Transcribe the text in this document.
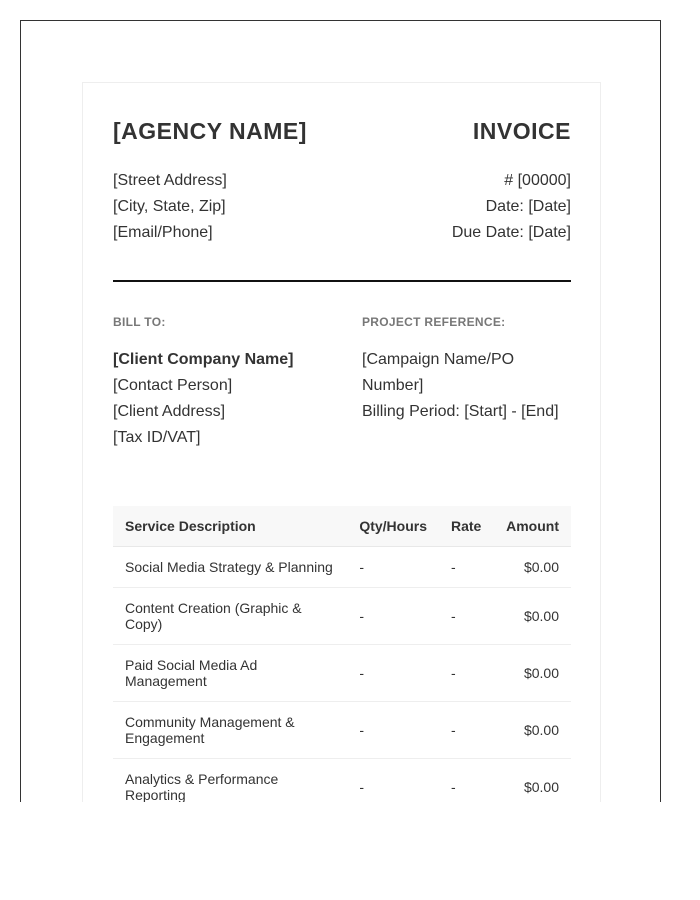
[AGENCY NAME]	INVOICE
[Street Address]
[City, State, Zip]
[Email/Phone]
# [00000]
Date: [Date]
Due Date: [Date]
BILL TO:	PROJECT REFERENCE:
[Client Company Name]
[Contact Person]
[Client Address]
[Tax ID/VAT]
[Campaign Name/PO Number]
Billing Period: [Start] - [End]
Service Description	Qty/Hours	Rate	Amount
Social Media Strategy & Planning	-	-	$0.00
Content Creation (Graphic & Copy)	-	-	$0.00
Paid Social Media Ad Management	-	-	$0.00
Community Management & Engagement	-	-	$0.00
Analytics & Performance Reporting	-	-	$0.00
